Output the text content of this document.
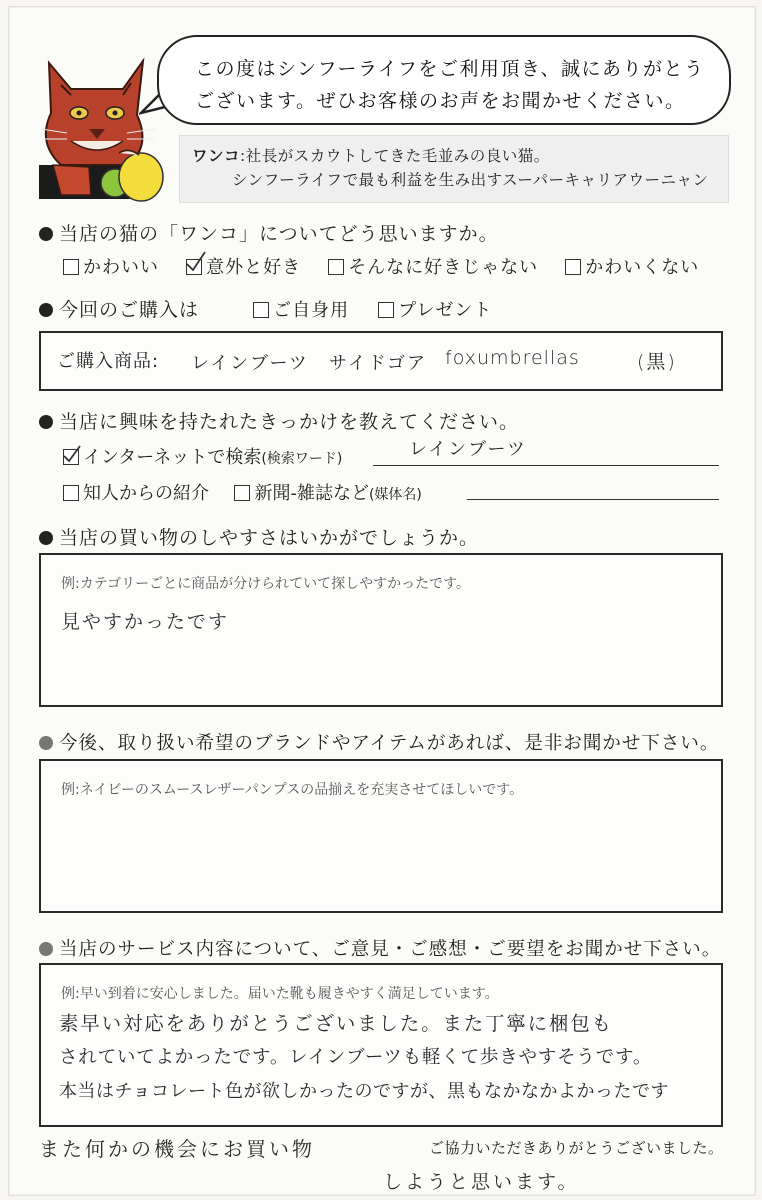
この度はシンフーライフをご利用頂き、誠にありがとう
ございます。ぜひお客様のお声をお聞かせください。
ワンコ:社長がスカウトしてきた毛並みの良い猫。
シンフーライフで最も利益を生み出すスーパーキャリアウーニャン
当店の猫の「ワンコ」についてどう思いますか。
かわいい	意外と好き	そんなに好きじゃない	かわいくない
今回のご購入は	ご自身用	プレゼント
ご購入商品: レインブーツ サイドゴア foxumbrellas	(黒)
当店に興味を持たれたきっかけを教えてください。
インターネットで検索(検索ワード)	レインブーツ
知人からの紹介	新聞-雑誌など(媒体名)
当店の買い物のしやすさはいかがでしょうか。
例:カテゴリーごとに商品が分けられていて探しやすかったです。
見やすかったです
今後、取り扱い希望のブランドやアイテムがあれば、是非お聞かせ下さい。
例:ネイビーのスムースレザーパンプスの品揃えを充実させてほしいです。
当店のサービス内容について、ご意見・ご感想・ご要望をお聞かせ下さい。
例:早い到着に安心しました。届いた靴も履きやすく満足しています。
素早い対応をありがとうございました。また丁寧に梱包も
されていてよかったです。レインブーツも軽くて歩きやすそうです。
本当はチョコレート色が欲しかったのですが、黒もなかなかよかったです
また何かの機会にお買い物	ご協力いただきありがとうございました。
しようと思います。
